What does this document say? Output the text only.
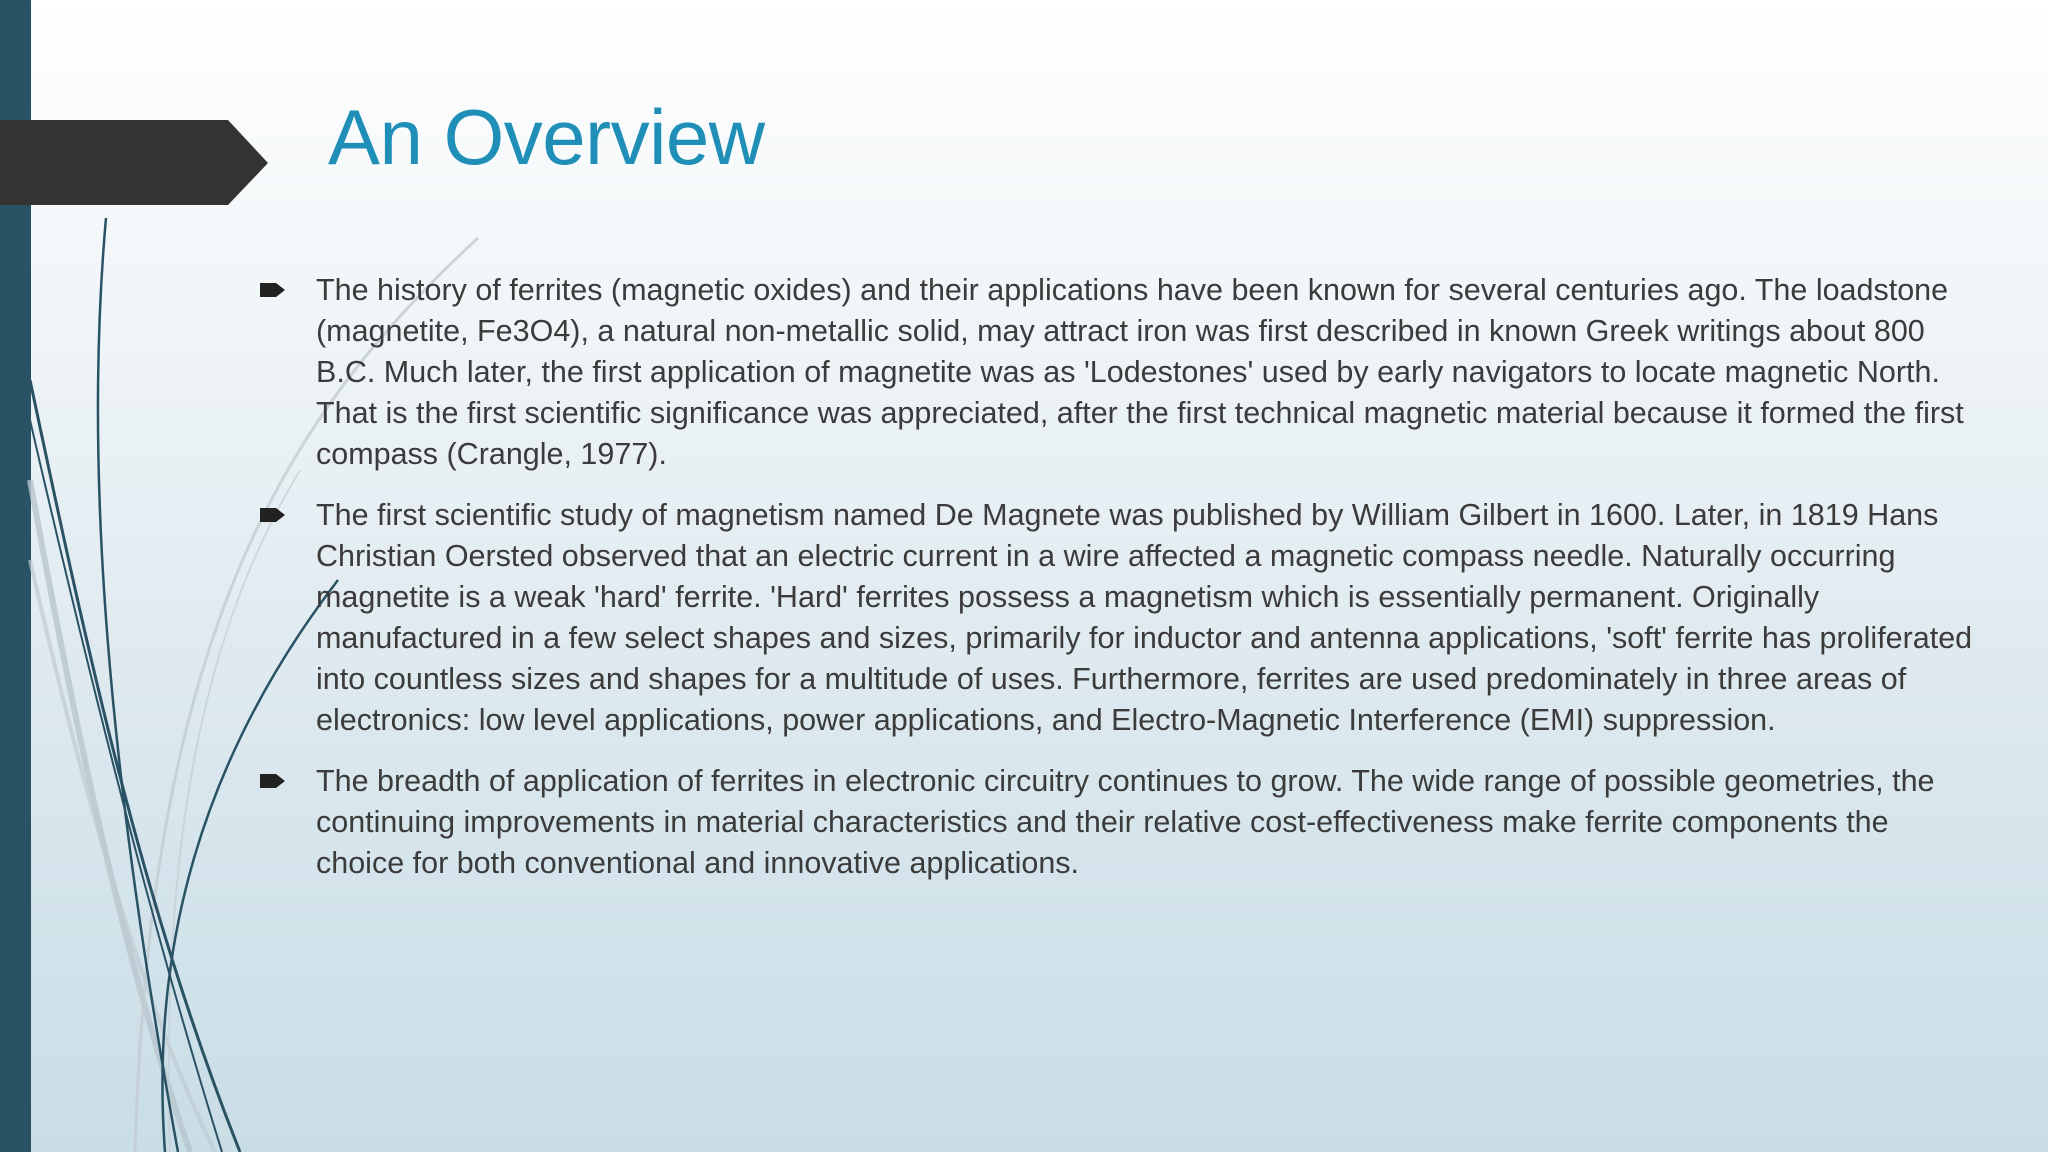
An Overview
The history of ferrites (magnetic oxides) and their applications have been known for several centuries ago. The loadstone (magnetite, Fe3O4), a natural non-metallic solid, may attract iron was first described in known Greek writings about 800 B.C. Much later, the first application of magnetite was as 'Lodestones' used by early navigators to locate magnetic North. That is the first scientific significance was appreciated, after the first technical magnetic material because it formed the first compass (Crangle, 1977).
The first scientific study of magnetism named De Magnete was published by William Gilbert in 1600. Later, in 1819 Hans Christian Oersted observed that an electric current in a wire affected a magnetic compass needle. Naturally occurring magnetite is a weak 'hard' ferrite. 'Hard' ferrites possess a magnetism which is essentially permanent. Originally manufactured in a few select shapes and sizes, primarily for inductor and antenna applications, 'soft' ferrite has proliferated into countless sizes and shapes for a multitude of uses. Furthermore, ferrites are used predominately in three areas of electronics: low level applications, power applications, and Electro-Magnetic Interference (EMI) suppression.
The breadth of application of ferrites in electronic circuitry continues to grow. The wide range of possible geometries, the continuing improvements in material characteristics and their relative cost-effectiveness make ferrite components the choice for both conventional and innovative applications.
